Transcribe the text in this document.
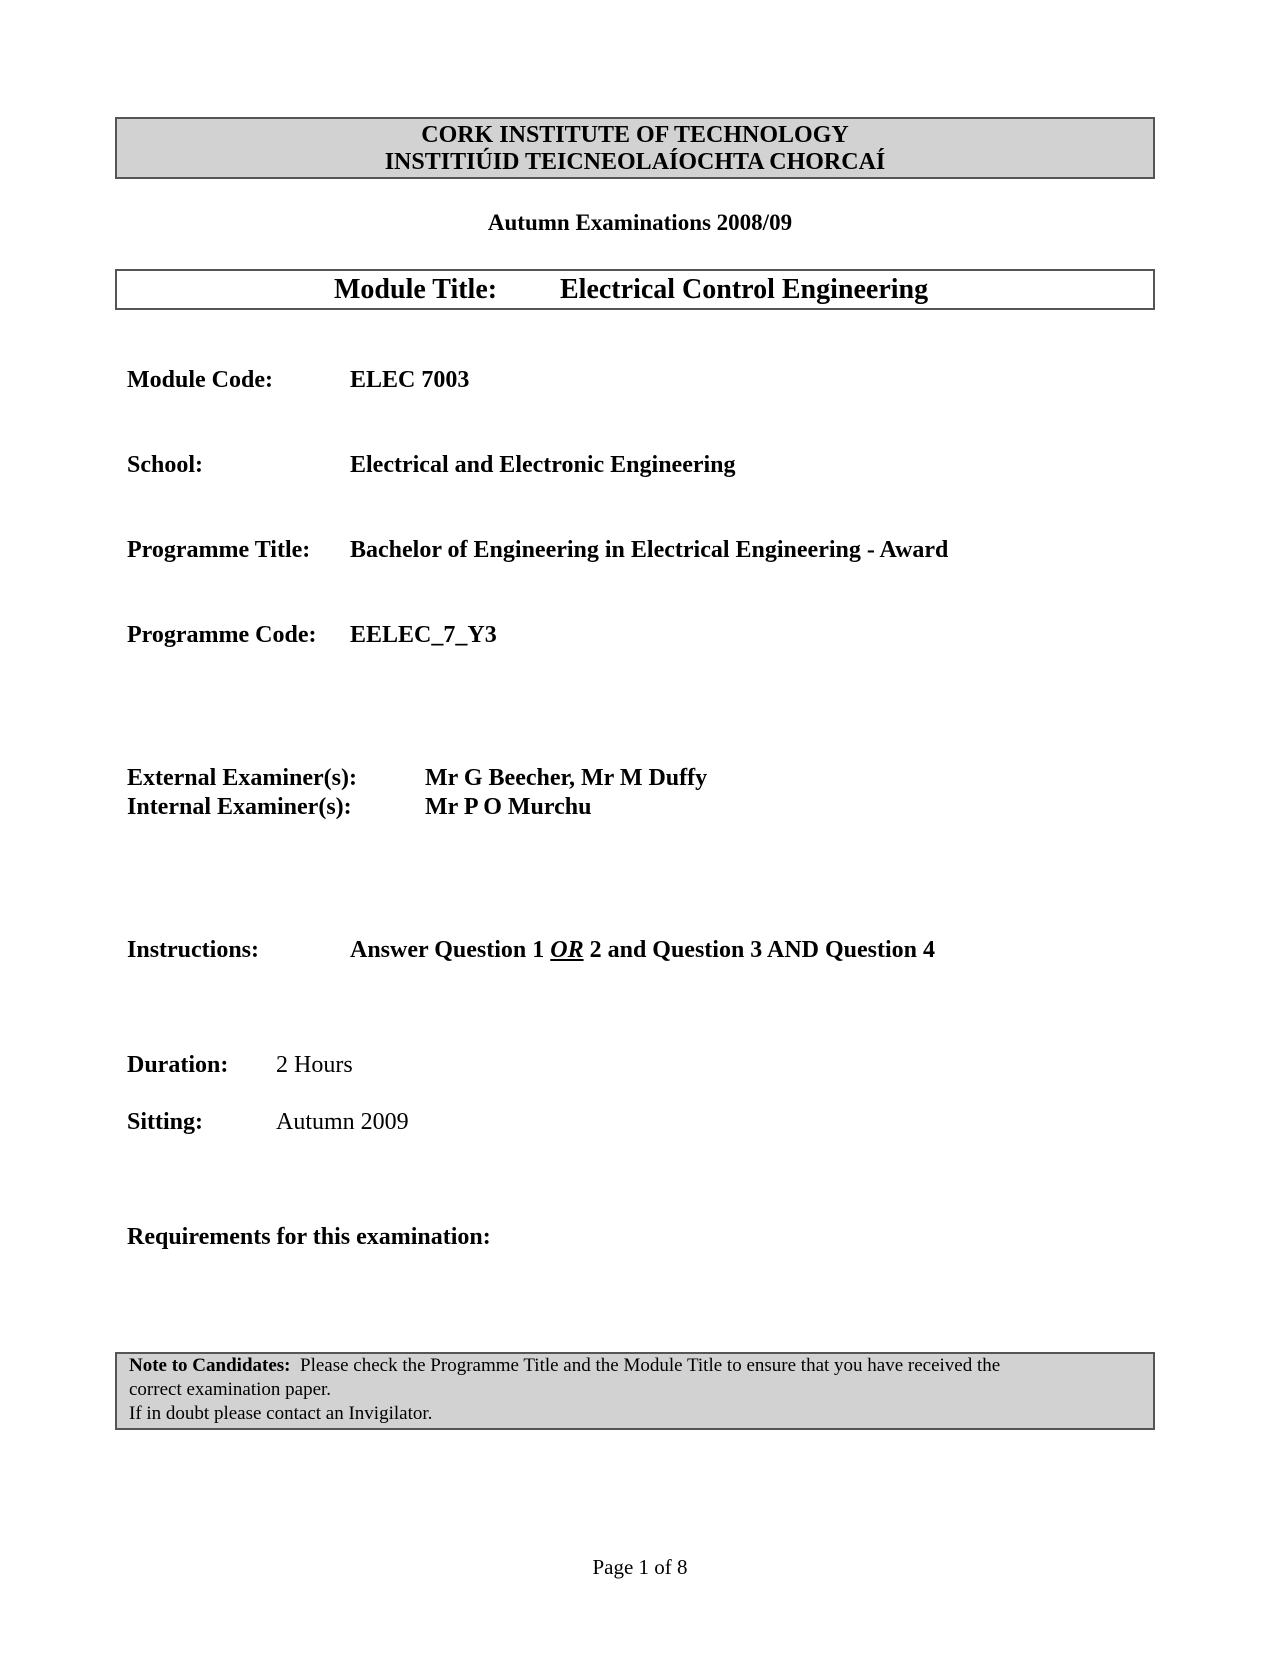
CORK INSTITUTE OF TECHNOLOGY
INSTITIÚID TEICNEOLAÍOCHTA CHORCAÍ
Autumn Examinations 2008/09
Module Title: Electrical Control Engineering
Module Code:	ELEC 7003
School:	Electrical and Electronic Engineering
Programme Title: Bachelor of Engineering in Electrical Engineering - Award
Programme Code: EELEC_7_Y3
External Examiner(s):	Mr G Beecher, Mr M Duffy
Internal Examiner(s):	Mr P O Murchu
Instructions:	Answer Question 1 OR 2 and Question 3 AND Question 4
Duration: 2 Hours
Sitting:	Autumn 2009
Requirements for this examination:
Note to Candidates:  Please check the Programme Title and the Module Title to ensure that you have received the
correct examination paper.
If in doubt please contact an Invigilator.
Page 1 of 8
